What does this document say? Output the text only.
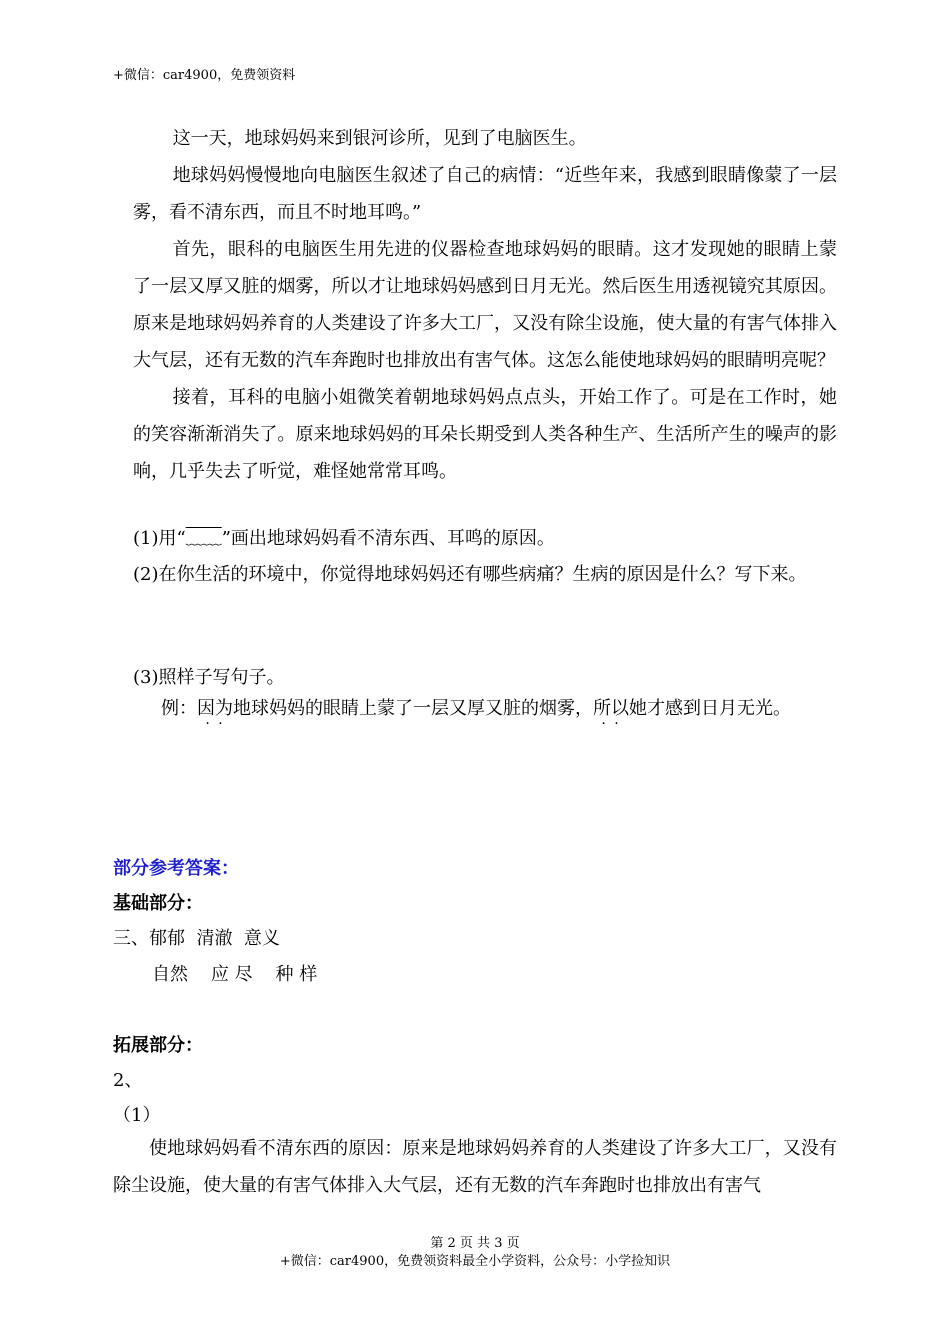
+微信：car4900，免费领资料

这一天，地球妈妈来到银河诊所，见到了电脑医生。

地球妈妈慢慢地向电脑医生叙述了自己的病情：“近些年来，我感到眼睛像蒙了一层雾，看不清东西，而且不时地耳鸣。”

首先，眼科的电脑医生用先进的仪器检查地球妈妈的眼睛。这才发现她的眼睛上蒙了一层又厚又脏的烟雾，所以才让地球妈妈感到日月无光。然后医生用透视镜究其原因。原来是地球妈妈养育的人类建设了许多大工厂，又没有除尘设施，使大量的有害气体排入大气层，还有无数的汽车奔跑时也排放出有害气体。这怎么能使地球妈妈的眼睛明亮呢？

接着，耳科的电脑小姐微笑着朝地球妈妈点点头，开始工作了。可是在工作时，她的笑容渐渐消失了。原来地球妈妈的耳朵长期受到人类各种生产、生活所产生的噪声的影响，几乎失去了听觉，难怪她常常耳鸣。

(1)用“﹏﹏”画出地球妈妈看不清东西、耳鸣的原因。
(2)在你生活的环境中，你觉得地球妈妈还有哪些病痛？生病的原因是什么？写下来。
(3)照样子写句子。
例：因为 · ·地球妈妈的眼睛上蒙了一层又厚又脏的烟雾，所以 · ·她才感到日月无光。
部分参考答案：
基础部分：
三、郁郁  清澈  意义
自然    应 尽    种 样
拓展部分：
2、
（1）

使地球妈妈看不清东西的原因：原来是地球妈妈养育的人类建设了许多大工厂，又没有除尘设施，使大量的有害气体排入大气层，还有无数的汽车奔跑时也排放出有害气

第 2 页 共 3 页
+微信：car4900，免费领资料最全小学资料，公众号：小学捡知识
